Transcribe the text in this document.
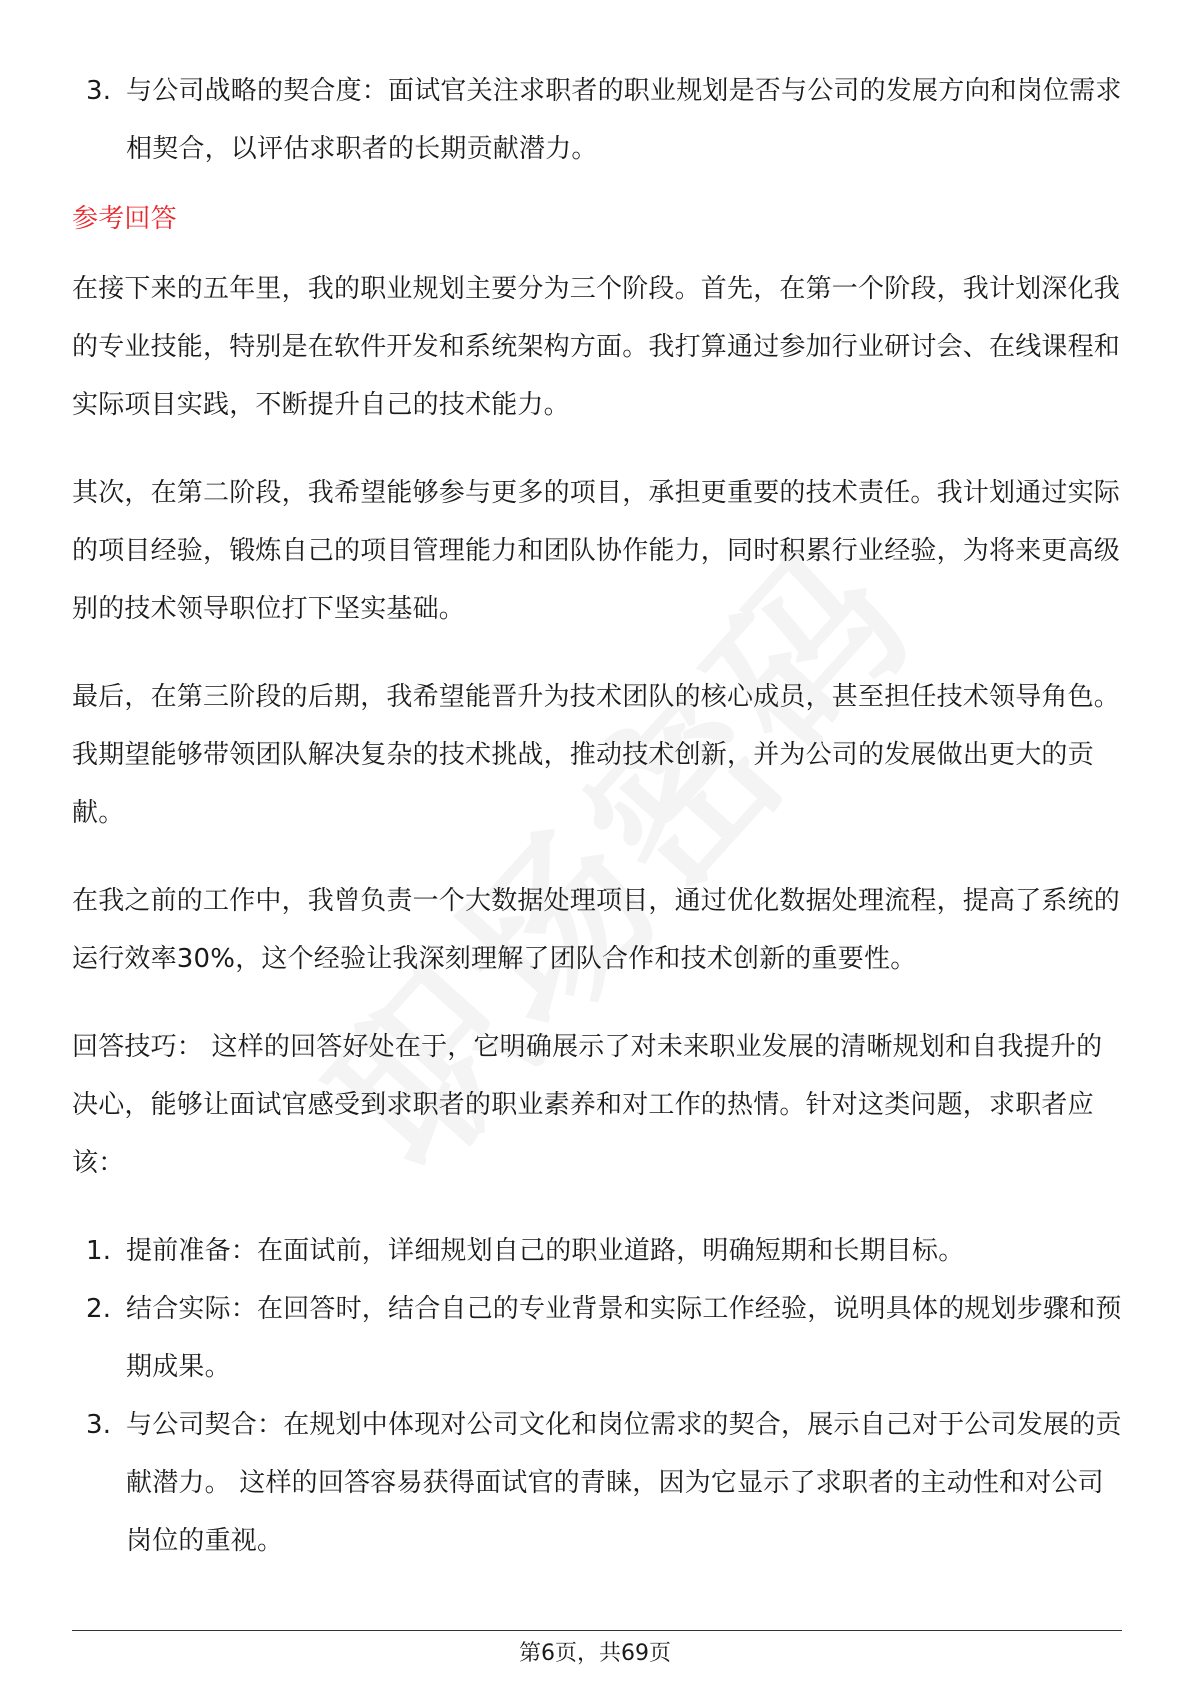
3. 与公司战略的契合度：面试官关注求职者的职业规划是否与公司的发展方向和岗位需求相契合，以评估求职者的长期贡献潜力。
参考回答

在接下来的五年里，我的职业规划主要分为三个阶段。首先，在第一个阶段，我计划深化我的专业技能，特别是在软件开发和系统架构方面。我打算通过参加行业研讨会、在线课程和实际项目实践，不断提升自己的技术能力。

其次，在第二阶段，我希望能够参与更多的项目，承担更重要的技术责任。我计划通过实际的项目经验，锻炼自己的项目管理能力和团队协作能力，同时积累行业经验，为将来更高级别的技术领导职位打下坚实基础。

最后，在第三阶段的后期，我希望能晋升为技术团队的核心成员，甚至担任技术领导角色。我期望能够带领团队解决复杂的技术挑战，推动技术创新，并为公司的发展做出更大的贡献。

在我之前的工作中，我曾负责一个大数据处理项目，通过优化数据处理流程，提高了系统的运行效率30%，这个经验让我深刻理解了团队合作和技术创新的重要性。

回答技巧： 这样的回答好处在于，它明确展示了对未来职业发展的清晰规划和自我提升的决心，能够让面试官感受到求职者的职业素养和对工作的热情。针对这类问题，求职者应该：

1. 提前准备：在面试前，详细规划自己的职业道路，明确短期和长期目标。
2. 结合实际：在回答时，结合自己的专业背景和实际工作经验，说明具体的规划步骤和预期成果。
3. 与公司契合：在规划中体现对公司文化和岗位需求的契合，展示自己对于公司发展的贡献潜力。 这样的回答容易获得面试官的青睐，因为它显示了求职者的主动性和对公司岗位的重视。
第6页，共69页
